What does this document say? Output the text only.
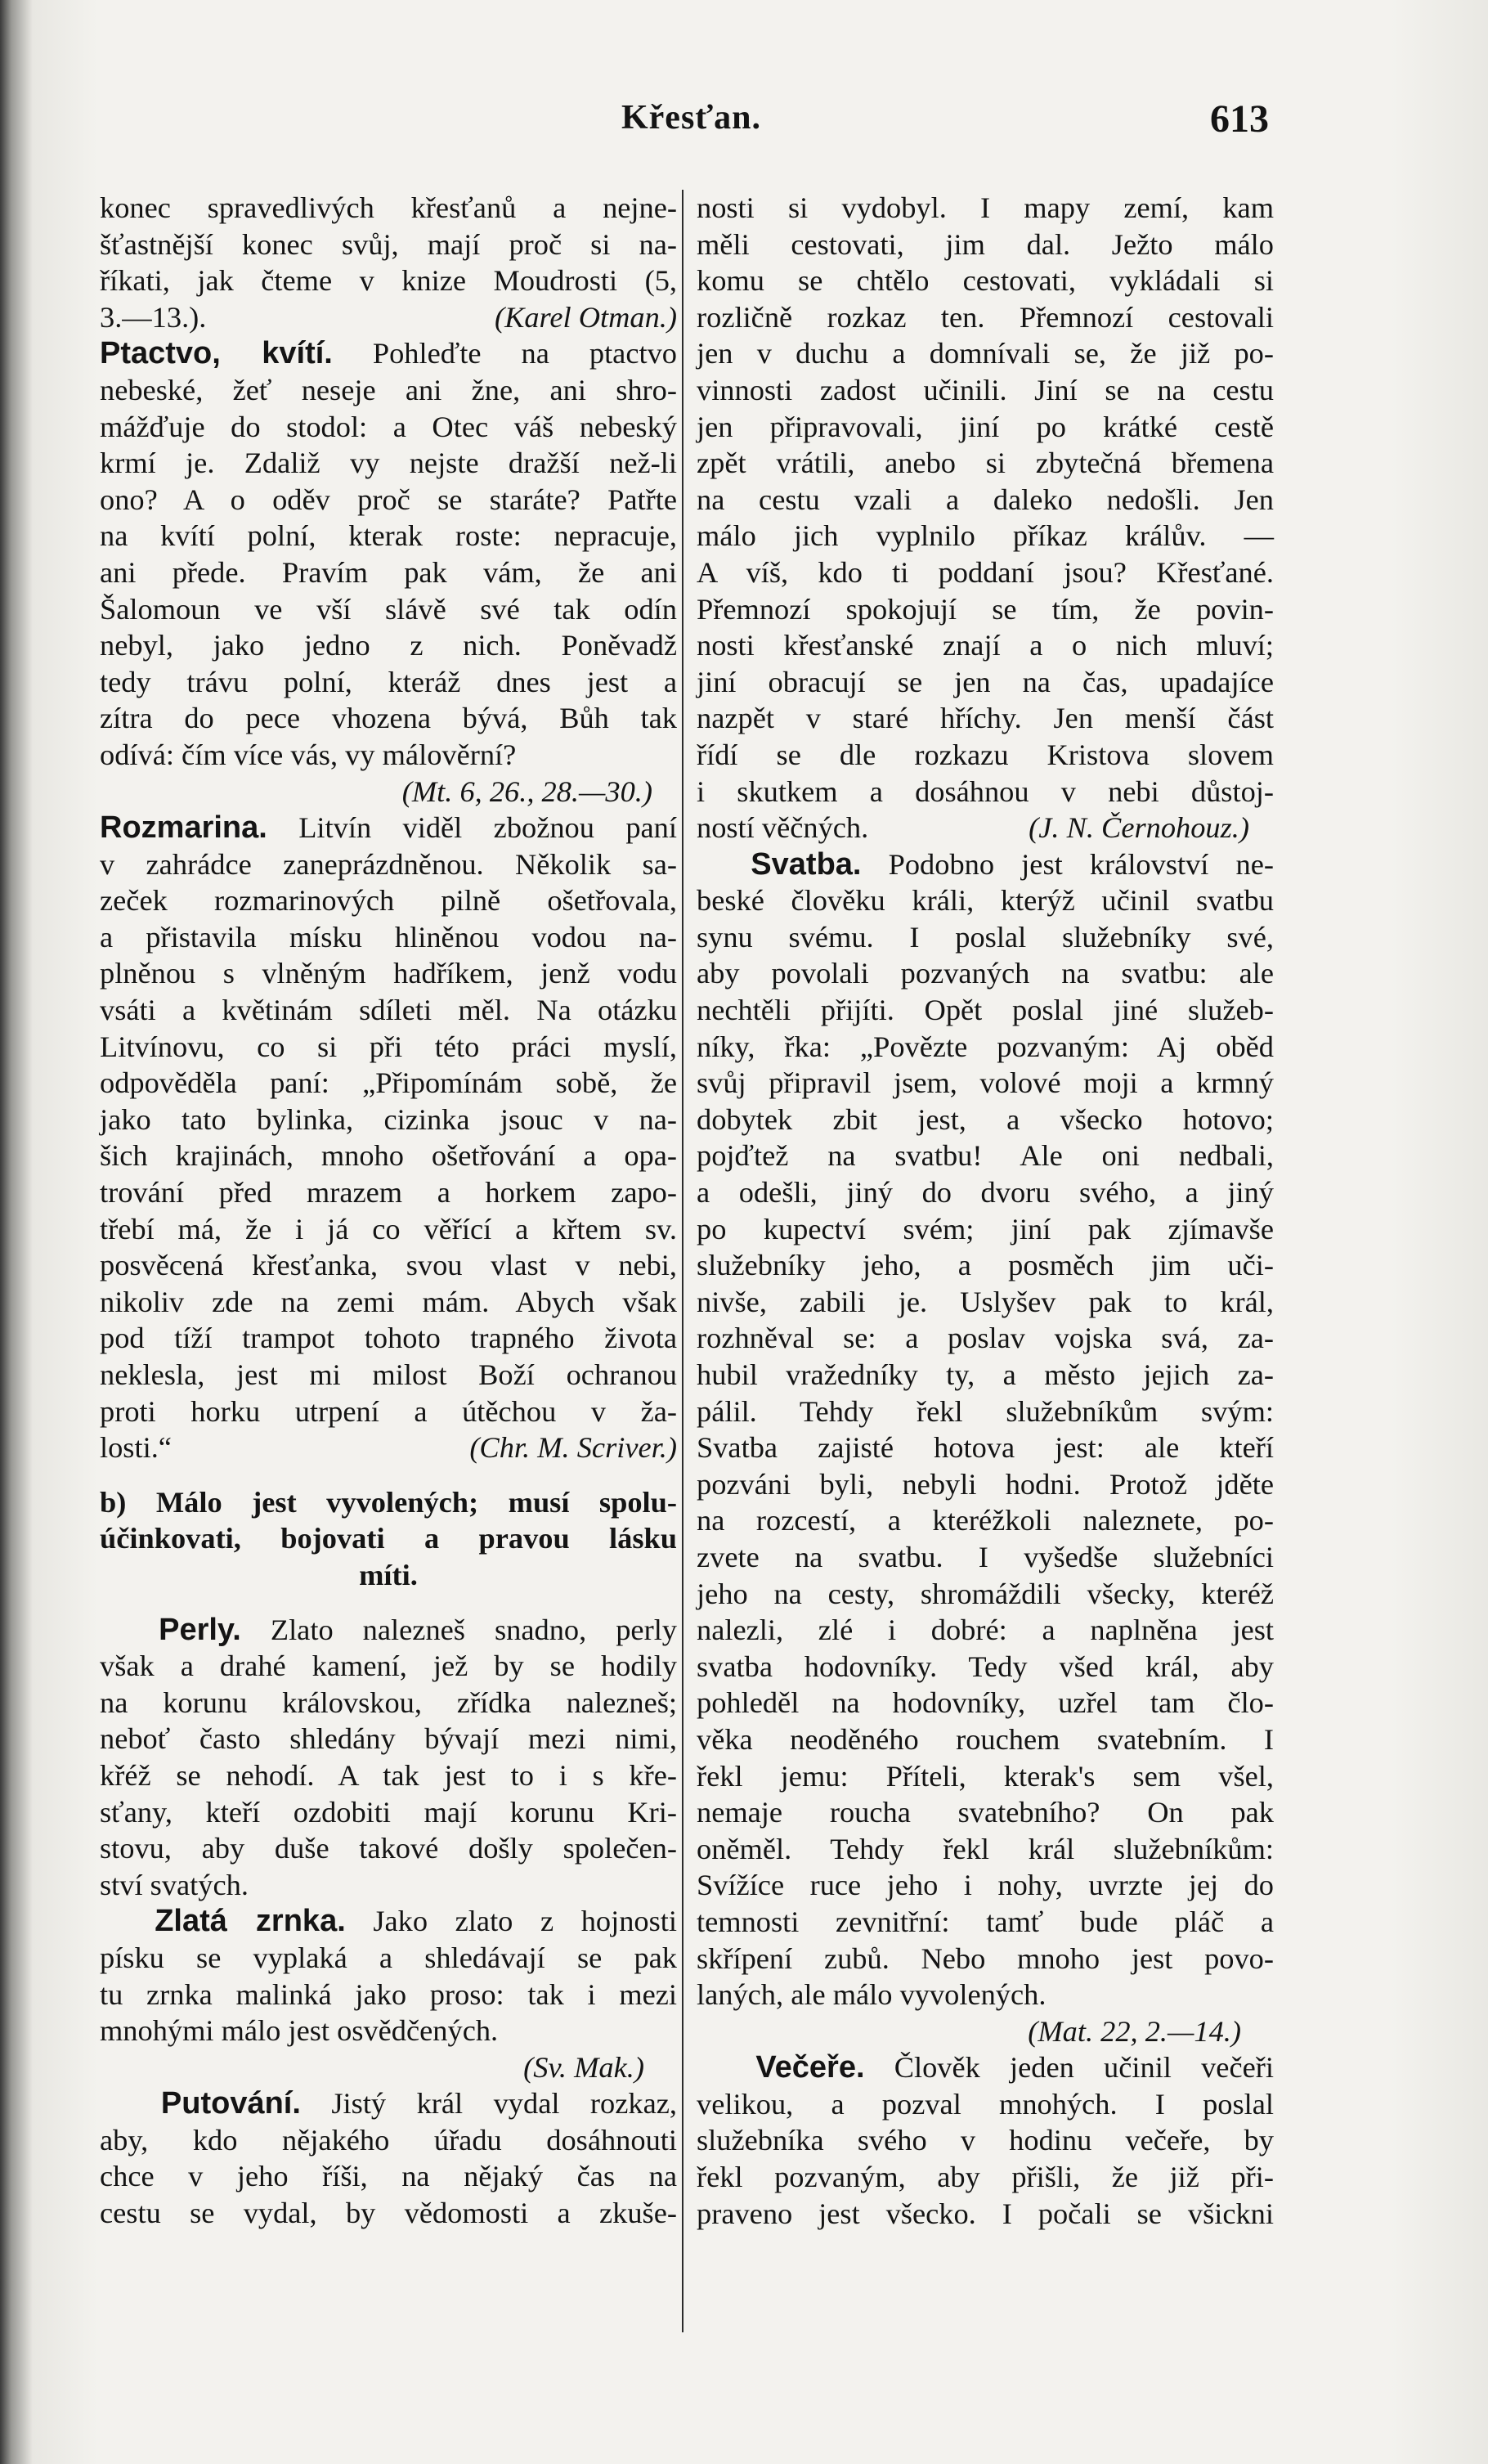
Křesťan.	613
konec spravedlivých křesťanů a nejne-
šťastnější konec svůj, mají proč si na-
říkati, jak čteme v knize Moudrosti (5,
3.—13.).	(Karel Otman.)
Ptactvo, kvítí. Pohleďte na ptactvo
nebeské, žeť neseje ani žne, ani shro-
mážďuje do stodol: a Otec váš nebeský
krmí je. Zdaliž vy nejste dražší než-li
ono? A o oděv proč se staráte? Patřte
na kvítí polní, kterak roste: nepracuje,
ani přede. Pravím pak vám, že ani
Šalomoun ve vší slávě své tak odín
nebyl, jako jedno z nich. Poněvadž
tedy trávu polní, kteráž dnes jest a
zítra do pece vhozena bývá, Bůh tak
odívá: čím více vás, vy málověrní?
(Mt. 6, 26., 28.—30.)
Rozmarina. Litvín viděl zbožnou paní
v zahrádce zaneprázdněnou. Několik sa-
zeček rozmarinových pilně ošetřovala,
a přistavila mísku hliněnou vodou na-
plněnou s vlněným hadříkem, jenž vodu
vsáti a květinám sdíleti měl. Na otázku
Litvínovu, co si při této práci myslí,
odpověděla paní: „Připomínám sobě, že
jako tato bylinka, cizinka jsouc v na-
šich krajinách, mnoho ošetřování a opa-
trování před mrazem a horkem zapo-
třebí má, že i já co věřící a křtem sv.
posvěcená křesťanka, svou vlast v nebi,
nikoliv zde na zemi mám. Abych však
pod tíží trampot tohoto trapného života
neklesla, jest mi milost Boží ochranou
proti horku utrpení a útěchou v ža-
losti.“	(Chr. M. Scriver.)
b) Málo jest vyvolených; musí spolu-
účinkovati, bojovati a pravou lásku
míti.
Perly. Zlato nalezneš snadno, perly
však a drahé kamení, jež by se hodily
na korunu královskou, zřídka nalezneš;
neboť často shledány bývají mezi nimi,
křéž se nehodí. A tak jest to i s kře-
sťany, kteří ozdobiti mají korunu Kri-
stovu, aby duše takové došly společen-
ství svatých.
Zlatá zrnka. Jako zlato z hojnosti
písku se vyplaká a shledávají se pak
tu zrnka malinká jako proso: tak i mezi
mnohými málo jest osvědčených.
(Sv. Mak.)
Putování. Jistý král vydal rozkaz,
aby, kdo nějakého úřadu dosáhnouti
chce v jeho říši, na nějaký čas na
cestu se vydal, by vědomosti a zkuše-
nosti si vydobyl. I mapy zemí, kam
měli cestovati, jim dal. Ježto málo
komu se chtělo cestovati, vykládali si
rozličně rozkaz ten. Přemnozí cestovali
jen v duchu a domnívali se, že již po-
vinnosti zadost učinili. Jiní se na cestu
jen připravovali, jiní po krátké cestě
zpět vrátili, anebo si zbytečná břemena
na cestu vzali a daleko nedošli. Jen
málo jich vyplnilo příkaz králův. —
A víš, kdo ti poddaní jsou? Křesťané.
Přemnozí spokojují se tím, že povin-
nosti křesťanské znají a o nich mluví;
jiní obracují se jen na čas, upadajíce
nazpět v staré hříchy. Jen menší část
řídí se dle rozkazu Kristova slovem
i skutkem a dosáhnou v nebi důstoj-
ností věčných.	(J. N. Černohouz.)
Svatba. Podobno jest království ne-
beské člověku králi, kterýž učinil svatbu
synu svému. I poslal služebníky své,
aby povolali pozvaných na svatbu: ale
nechtěli přijíti. Opět poslal jiné služeb-
níky, řka: „Povězte pozvaným: Aj oběd
svůj připravil jsem, volové moji a krmný
dobytek zbit jest, a všecko hotovo;
pojďtež na svatbu! Ale oni nedbali,
a odešli, jiný do dvoru svého, a jiný
po kupectví svém; jiní pak zjímavše
služebníky jeho, a posměch jim uči-
nivše, zabili je. Uslyšev pak to král,
rozhněval se: a poslav vojska svá, za-
hubil vražedníky ty, a město jejich za-
pálil. Tehdy řekl služebníkům svým:
Svatba zajisté hotova jest: ale kteří
pozváni byli, nebyli hodni. Protož jděte
na rozcestí, a kteréžkoli naleznete, po-
zvete na svatbu. I vyšedše služebníci
jeho na cesty, shromáždili všecky, kteréž
nalezli, zlé i dobré: a naplněna jest
svatba hodovníky. Tedy všed král, aby
pohleděl na hodovníky, uzřel tam člo-
věka neoděného rouchem svatebním. I
řekl jemu: Příteli, kterak's sem všel,
nemaje roucha svatebního? On pak
oněměl. Tehdy řekl král služebníkům:
Svížíce ruce jeho i nohy, uvrzte jej do
temnosti zevnitřní: tamť bude pláč a
skřípení zubů. Nebo mnoho jest povo-
laných, ale málo vyvolených.
(Mat. 22, 2.—14.)
Večeře. Člověk jeden učinil večeři
velikou, a pozval mnohých. I poslal
služebníka svého v hodinu večeře, by
řekl pozvaným, aby přišli, že již při-
praveno jest všecko. I počali se všickni
